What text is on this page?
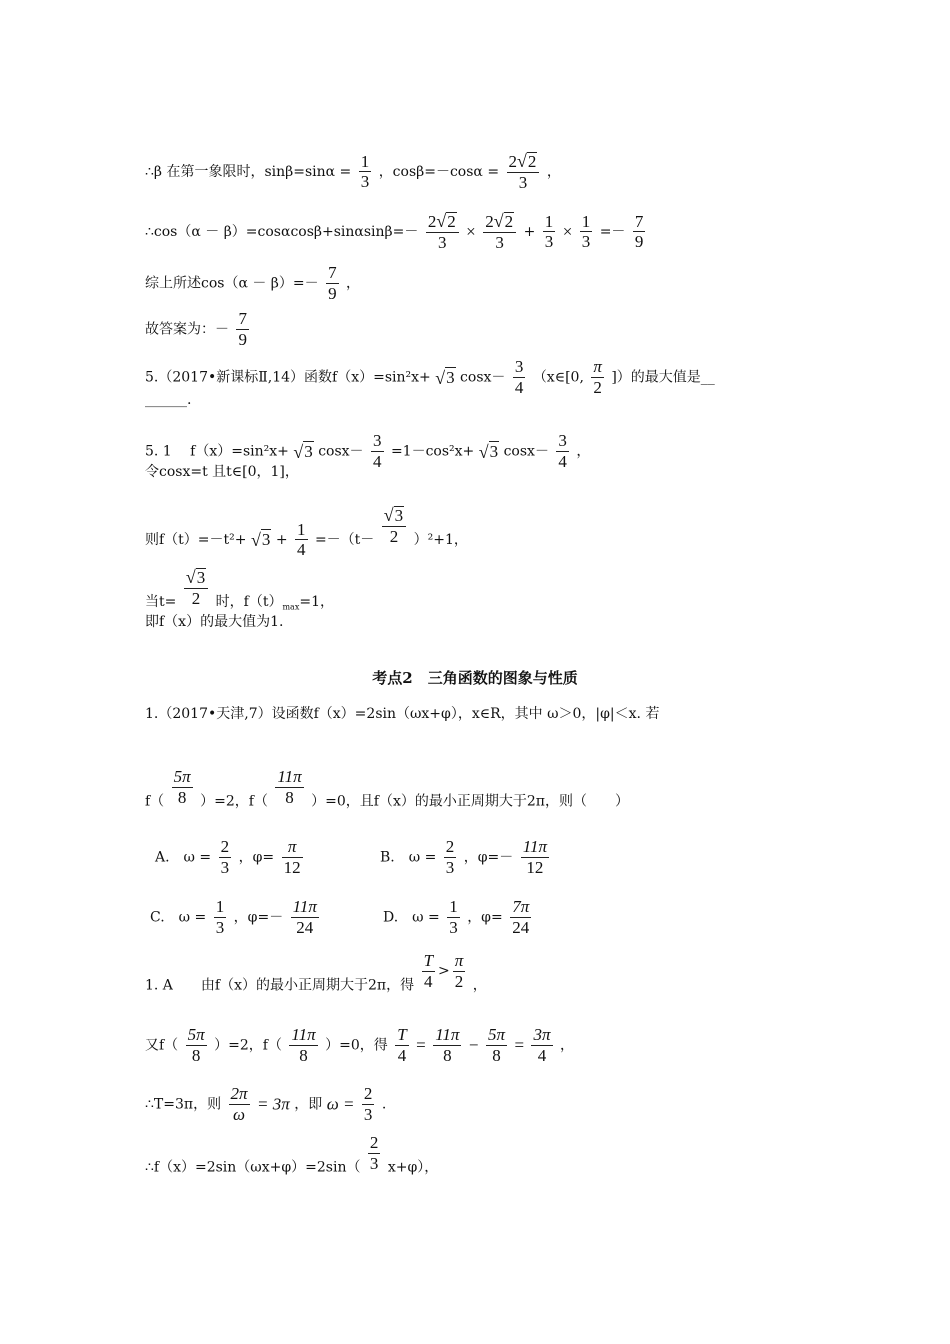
∴β 在第一象限时，$\sin\beta=\sin\alpha = \frac{1}{3}$ ，$\cos\beta=-\cos\alpha = \frac{2 √ 2}{3}$ ，
∴cos（α － $\beta)=\cos\alpha\cos\beta+\sin\alpha\sin\beta=- \frac{2 √ 2}{3} \times \frac{2 √ 2}{3} + \frac{1}{3} \times \frac{1}{3} =- \frac{7}{9}$
综上所述$\cos(\alpha - \beta)=- \frac{7}{9}$ ，
故答案为：－ $\frac{7}{9}$
5.（2017•新课标Ⅱ,14）函数f（x）=sin²x+ √ 3 $\cos x- \frac{3}{4}$ （x∈[0, $\frac{\pi}{2}$ ]）的最大值是__
______.
5. 1　 f（x）=sin²x+ √ 3 $\cos x- \frac{3}{4} =1-\cos^2x+$ √ 3 $\cos x- \frac{3}{4}$ ，
令cosx=t 且t∈[0，1]，
则f（t）=－t²+ √ $3 + \frac{1}{4} =-(t- \frac{√ 3}{2} )^2+1$，
当$t= \frac{√ 3}{2}$ 时，$f(t)_{max}=1$，
即f（x）的最大值为1.
考点2　三角函数的图象与性质
1.（2017•天津,7）设函数f（x）=2sin（ωx+φ），x∈R，其中 ω＞0，|φ|＜x. 若
$f( \frac{5\pi}{8} )=2$，$f( \frac{11\pi}{8} )=0$，且f（x）的最小正周期大于2π，则（　　）
A.　$\omega = \frac{2}{3}$ ，$\varphi= \frac{\pi}{12}$	B.　$\omega = \frac{2}{3}$ ，$\varphi=- \frac{11\pi}{12}$
C.　$\omega = \frac{1}{3}$ ，$\varphi=- \frac{11\pi}{24}$	D.　$\omega = \frac{1}{3}$ ，$\varphi= \frac{7\pi}{24}$
1. A　　由f（x）的最小正周期大于2π，得 $\frac{T}{4} > \frac{\pi}{2}$ ，
又$f( \frac{5\pi}{8} )=2$，$f( \frac{11\pi}{8} )=0$，得 $\frac{T}{4} = \frac{11\pi}{8} - \frac{5\pi}{8} = \frac{3\pi}{4}$ ，
∴T=3π，则 $\frac{2\pi}{\omega} = 3\pi$ ，即 $\omega = \frac{2}{3}$ .
∴f（x）=2sin（ωx+φ）=2sin（ $\frac{2}{3} x+\varphi$），
